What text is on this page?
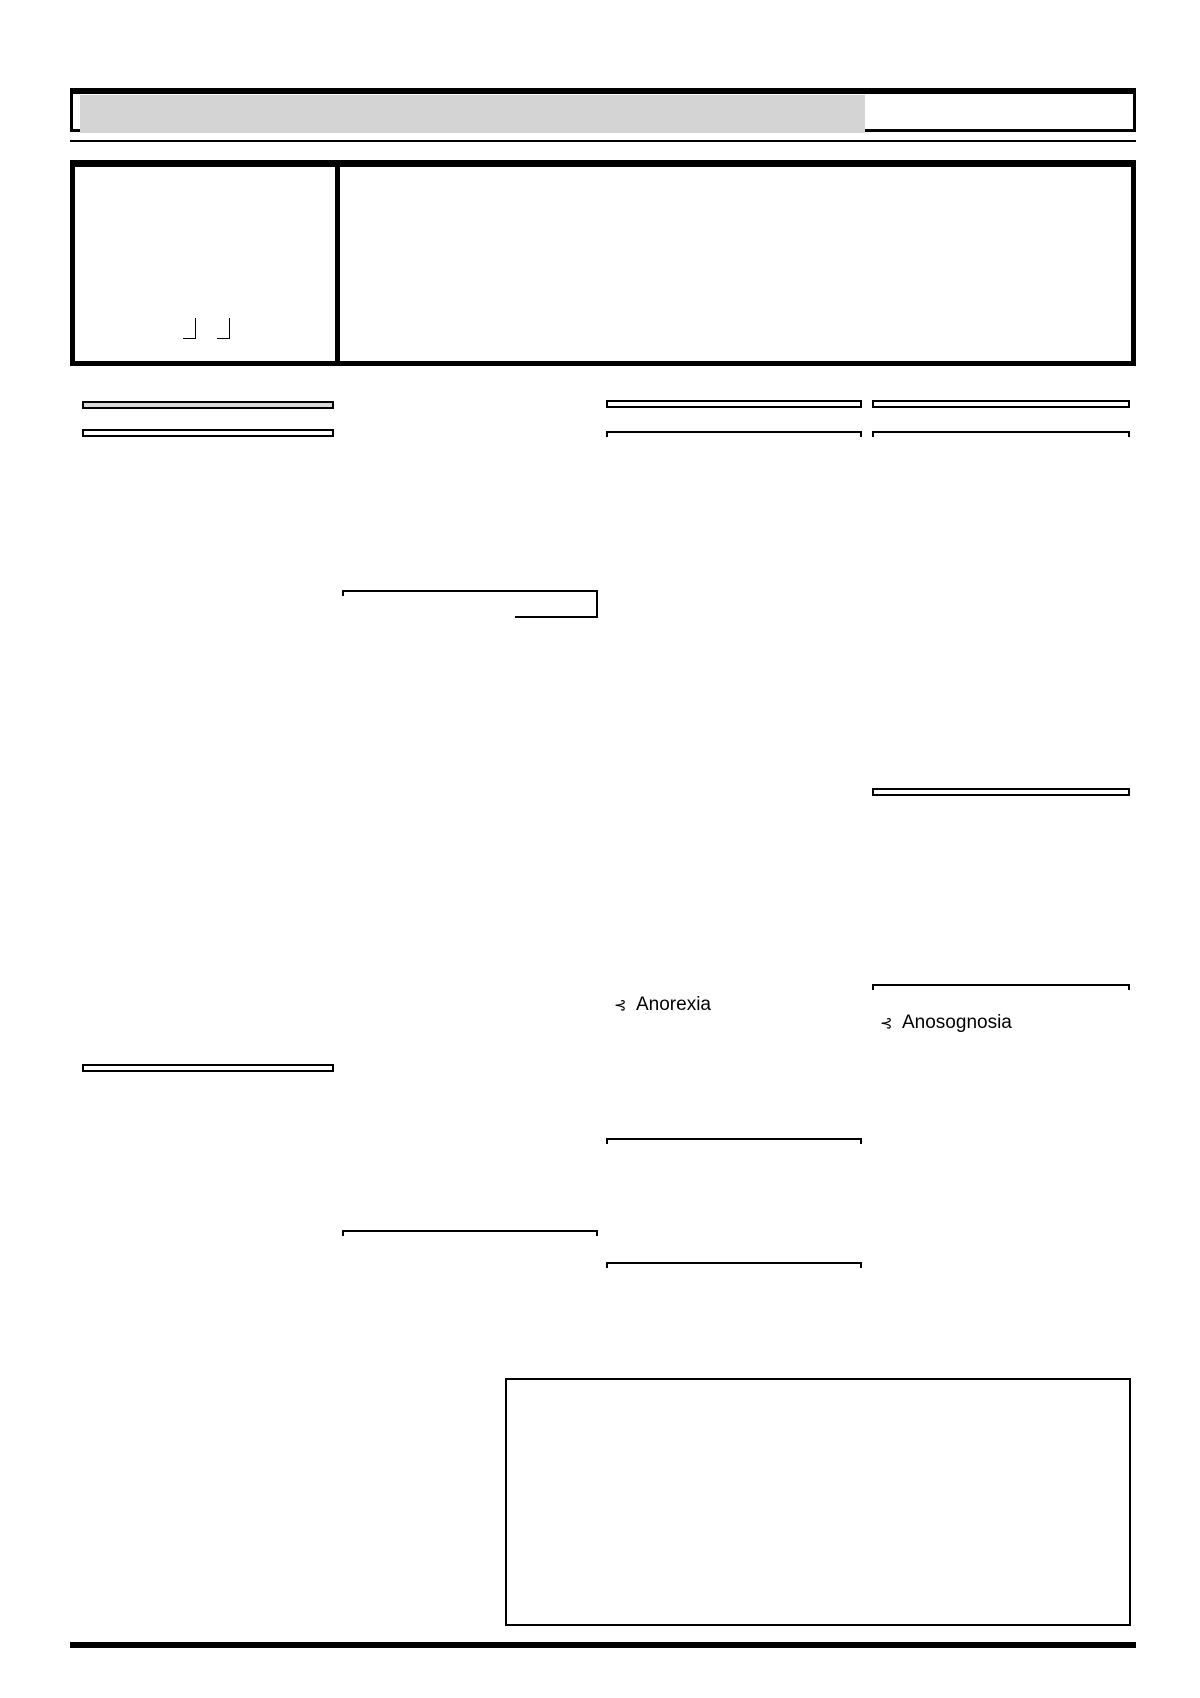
⊰ Anorexia
⊰ Anosognosia
